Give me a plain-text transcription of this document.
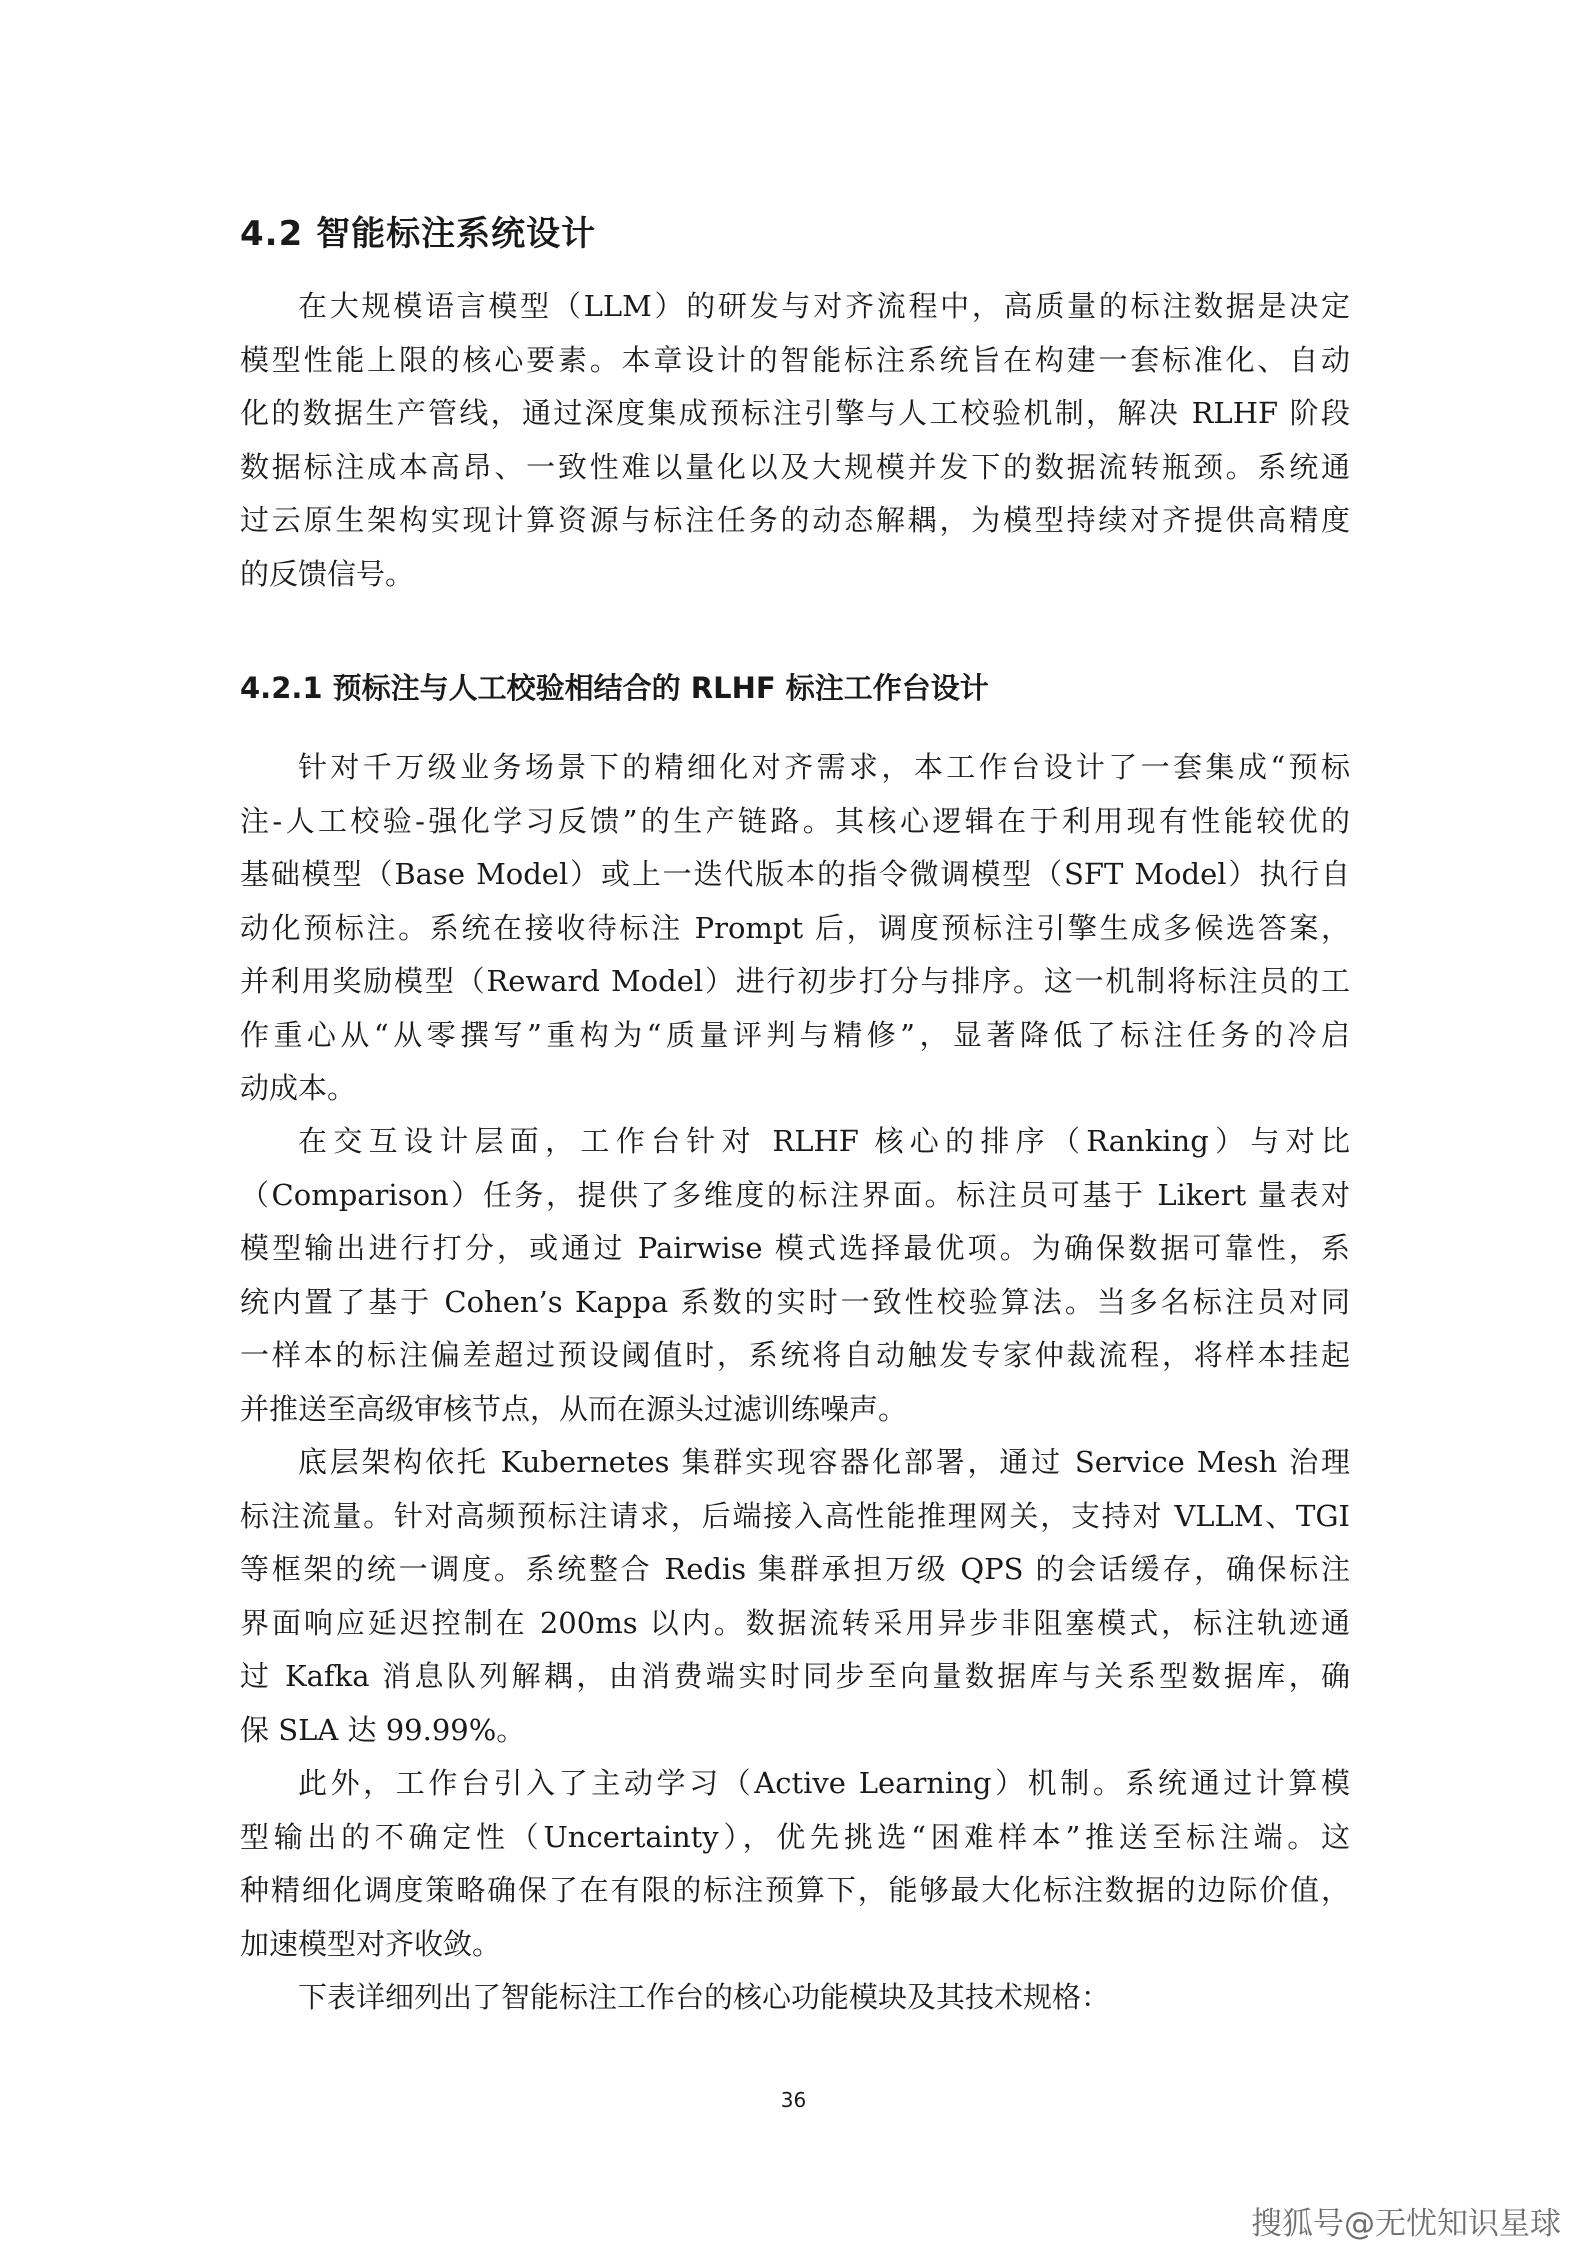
4.2 智能标注系统设计
在大规模语言模型（LLM）的研发与对齐流程中，高质量的标注数据是决定
模型性能上限的核心要素。本章设计的智能标注系统旨在构建一套标准化、自动
化的数据生产管线，通过深度集成预标注引擎与人工校验机制，解决 RLHF 阶段
数据标注成本高昂、一致性难以量化以及大规模并发下的数据流转瓶颈。系统通
过云原生架构实现计算资源与标注任务的动态解耦，为模型持续对齐提供高精度
的反馈信号。
4.2.1 预标注与人工校验相结合的 RLHF 标注工作台设计
针对千万级业务场景下的精细化对齐需求，本工作台设计了一套集成“预标
注-人工校验-强化学习反馈”的生产链路。其核心逻辑在于利用现有性能较优的
基础模型（Base Model）或上一迭代版本的指令微调模型（SFT Model）执行自
动化预标注。系统在接收待标注 Prompt 后，调度预标注引擎生成多候选答案，
并利用奖励模型（Reward Model）进行初步打分与排序。这一机制将标注员的工
作重心从“从零撰写”重构为“质量评判与精修”，显著降低了标注任务的冷启
动成本。
在交互设计层面，工作台针对 RLHF 核心的排序（Ranking）与对比
（Comparison）任务，提供了多维度的标注界面。标注员可基于 Likert 量表对
模型输出进行打分，或通过 Pairwise 模式选择最优项。为确保数据可靠性，系
统内置了基于 Cohen’s Kappa 系数的实时一致性校验算法。当多名标注员对同
一样本的标注偏差超过预设阈值时，系统将自动触发专家仲裁流程，将样本挂起
并推送至高级审核节点，从而在源头过滤训练噪声。
底层架构依托 Kubernetes 集群实现容器化部署，通过 Service Mesh 治理
标注流量。针对高频预标注请求，后端接入高性能推理网关，支持对 VLLM、TGI
等框架的统一调度。系统整合 Redis 集群承担万级 QPS 的会话缓存，确保标注
界面响应延迟控制在 200ms 以内。数据流转采用异步非阻塞模式，标注轨迹通
过 Kafka 消息队列解耦，由消费端实时同步至向量数据库与关系型数据库，确
保 SLA 达 99.99%。
此外，工作台引入了主动学习（Active Learning）机制。系统通过计算模
型输出的不确定性（Uncertainty），优先挑选“困难样本”推送至标注端。这
种精细化调度策略确保了在有限的标注预算下，能够最大化标注数据的边际价值，
加速模型对齐收敛。
下表详细列出了智能标注工作台的核心功能模块及其技术规格：
36
搜狐号@无忧知识星球
